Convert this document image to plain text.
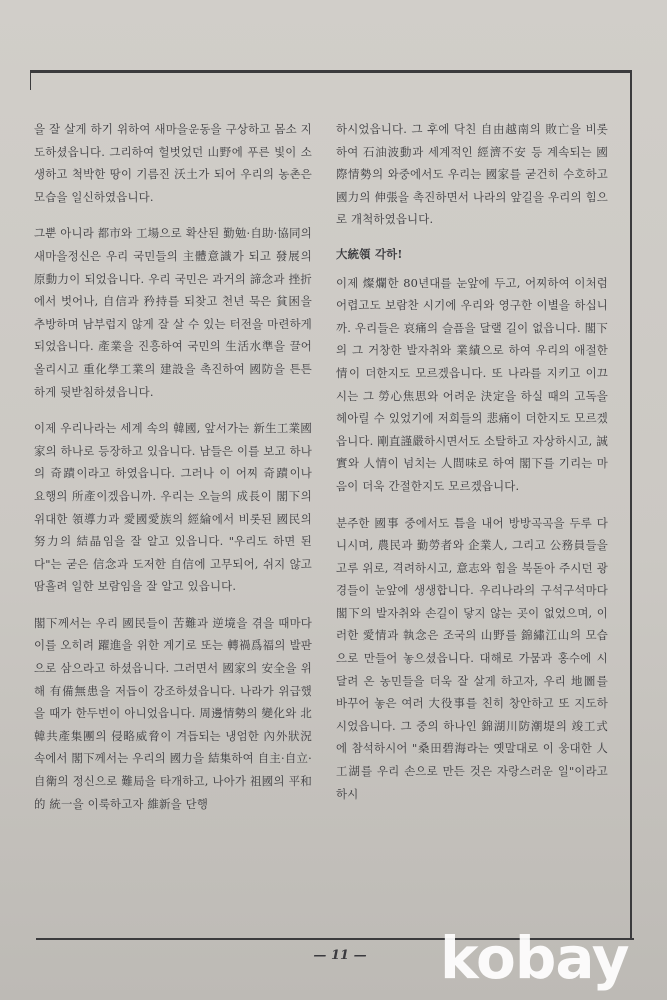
을 잘 살게 하기 위하여 새마을운동을 구상하고 몸소 지도하셨읍니다. 그리하여 헐벗었던 山野에 푸른 빛이 소생하고 척박한 땅이 기름진 沃土가 되어 우리의 농촌은 모습을 일신하였읍니다.

그뿐 아니라 都市와 工場으로 확산된 勤勉·自助·協同의 새마을정신은 우리 국민들의 主體意識가 되고 發展의 原動力이 되었읍니다. 우리 국민은 과거의 諦念과 挫折에서 벗어나, 自信과 矜持를 되찾고 천년 묵은 貧困을 추방하며 남부럽지 않게 잘 살 수 있는 터전을 마련하게 되었읍니다. 產業을 진흥하여 국민의 生活水準을 끌어 올리시고 重化學工業의 建設을 촉진하여 國防을 튼튼하게 뒷받침하셨읍니다.

이제 우리나라는 세계 속의 韓國, 앞서가는 新生工業國家의 하나로 등장하고 있읍니다. 남들은 이를 보고 하나의 奇蹟이라고 하였읍니다. 그러나 이 어찌 奇蹟이나 요행의 所產이겠읍니까. 우리는 오늘의 成長이 閣下의 위대한 領導力과 愛國愛族의 經綸에서 비롯된 國民의 努力의 結晶임을 잘 알고 있읍니다. "우리도 하면 된다"는 굳은 信念과 도저한 自信에 고무되어, 쉬지 않고 땀흘려 일한 보람임을 잘 알고 있읍니다.

閣下께서는 우리 國民들이 苦難과 逆境을 겪을 때마다 이를 오히려 躍進을 위한 계기로 또는 轉禍爲福의 발판으로 삼으라고 하셨읍니다. 그러면서 國家의 安全을 위해 有備無患을 저듭이 강조하셨읍니다. 나라가 위급했을 때가 한두번이 아니었읍니다. 周邊情勢의 變化와 北韓共產集團의 侵略威脅이 겨듭되는 냉엄한 內外狀況 속에서 閣下께서는 우리의 國力을 結集하여 自主·自立·自衛의 정신으로 難局을 타개하고, 나아가 祖國의 平和的 統一을 이룩하고자 維新을 단행

하시었읍니다. 그 후에 닥친 自由越南의 敗亡을 비롯하여 石油波動과 세계적인 經濟不安 등 계속되는 國際情勢의 와중에서도 우리는 國家를 굳건히 수호하고 國力의 伸張을 촉진하면서 나라의 앞길을 우리의 힘으로 개척하였읍니다.

大統領 각하!

이제 燦爛한 80년대를 눈앞에 두고, 어찌하여 이처럼 어렵고도 보람찬 시기에 우리와 영구한 이별을 하십니까. 우리들은 哀痛의 슬픔을 달랠 길이 없읍니다. 閣下의 그 거창한 발자취와 業績으로 하여 우리의 애절한 情이 더한지도 모르겠읍니다. 또 나라를 지키고 이끄시는 그 勞心焦思와 어려운 決定을 하실 때의 고독을 헤아릴 수 있었기에 저희들의 悲痛이 더한지도 모르겠읍니다. 剛直謹嚴하시면서도 소탈하고 자상하시고, 誠實와 人情이 넘치는 人間味로 하여 閣下를 기리는 마음이 더욱 간절한지도 모르겠읍니다.

분주한 國事 중에서도 틈을 내어 방방곡곡을 두루 다니시며, 農民과 勤勞者와 企業人, 그리고 公務員들을 고루 위로, 격려하시고, 意志와 힘을 북돋아 주시던 광경들이 눈앞에 생생합니다. 우리나라의 구석구석마다 閣下의 발자취와 손길이 닿지 않는 곳이 없었으며, 이러한 愛情과 執念은 조국의 山野를 錦繡江山의 모습으로 만들어 놓으셨읍니다. 대해로 가뭄과 홍수에 시달려 온 농민들을 더욱 잘 살게 하고자, 우리 地圖를 바꾸어 놓은 여러 大役事를 친히 창안하고 또 지도하시었읍니다. 그 중의 하나인 錦湖川防潮堤의 竣工式에 참석하시어 "桑田碧海라는 옛말대로 이 웅대한 人工湖를 우리 손으로 만든 것은 자랑스러운 일"이라고 하시

— 11 — kobay
